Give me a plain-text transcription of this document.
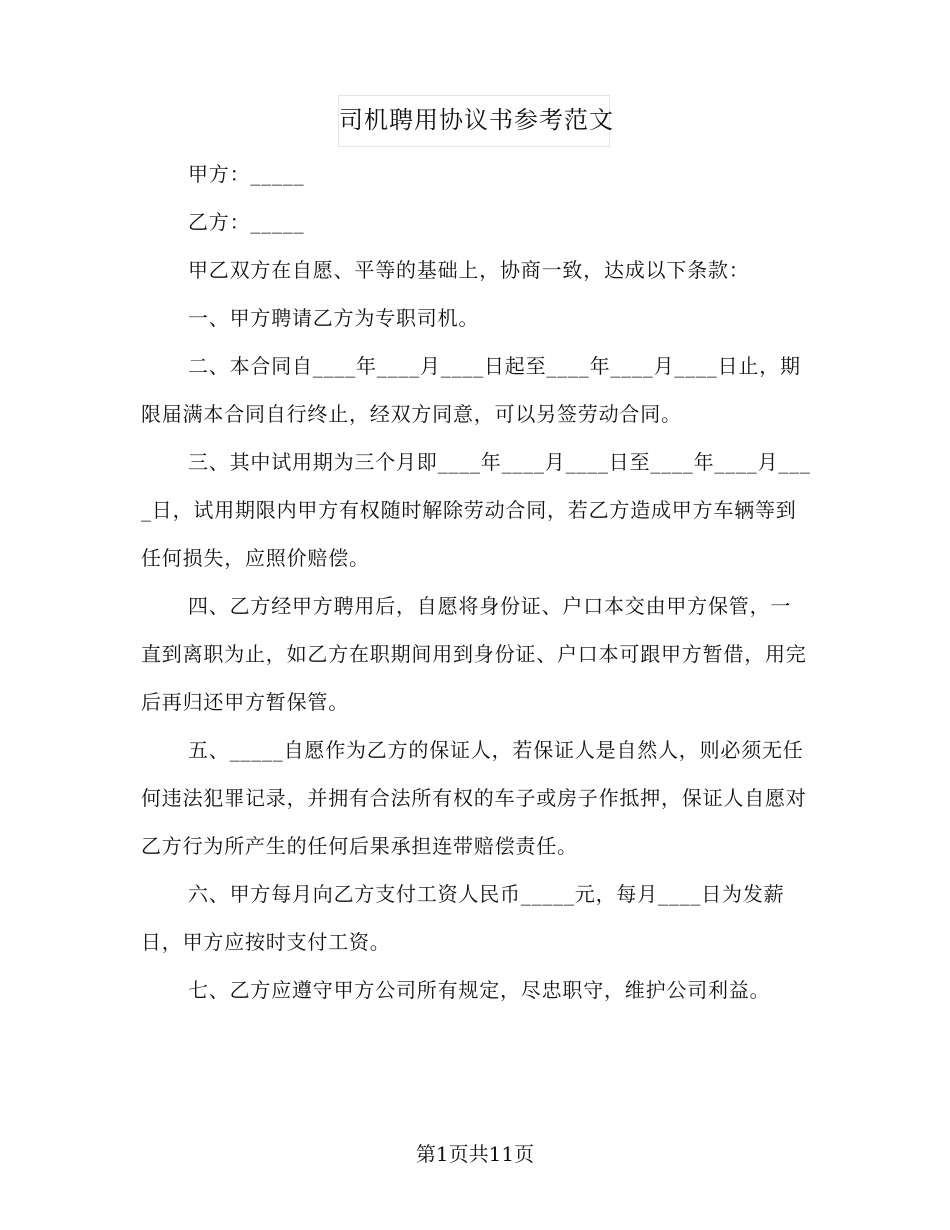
司机聘用协议书参考范文

甲方：_____

乙方：_____

甲乙双方在自愿、平等的基础上，协商一致，达成以下条款：

一、甲方聘请乙方为专职司机。

二、本合同自____年____月____日起至____年____月____日止，期限届满本合同自行终止，经双方同意，可以另签劳动合同。

三、其中试用期为三个月即____年____月____日至____年____月____日，试用期限内甲方有权随时解除劳动合同，若乙方造成甲方车辆等到任何损失，应照价赔偿。

四、乙方经甲方聘用后，自愿将身份证、户口本交由甲方保管，一直到离职为止，如乙方在职期间用到身份证、户口本可跟甲方暂借，用完后再归还甲方暂保管。

五、_____自愿作为乙方的保证人，若保证人是自然人，则必须无任何违法犯罪记录，并拥有合法所有权的车子或房子作抵押，保证人自愿对乙方行为所产生的任何后果承担连带赔偿责任。

六、甲方每月向乙方支付工资人民币_____元，每月____日为发薪日，甲方应按时支付工资。

七、乙方应遵守甲方公司所有规定，尽忠职守，维护公司利益。

第1页共11页
